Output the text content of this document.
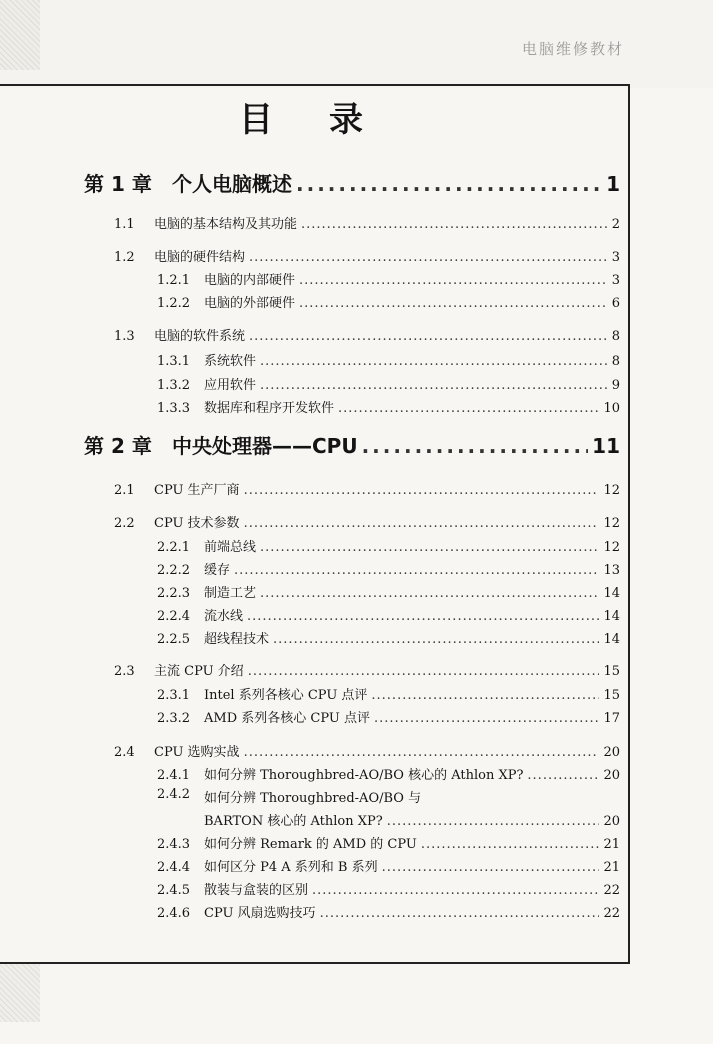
电脑维修教材
目录
第 1 章	个人电脑概述 .....	1
1.1	电脑的基本结构及其功能 .....	2
1.2	电脑的硬件结构 .....	3
1.2.1	电脑的内部硬件 .....	3
1.2.2	电脑的外部硬件 .....	6
1.3	电脑的软件系统 .....	8
1.3.1	系统软件 .....	8
1.3.2	应用软件 .....	9
1.3.3	数据库和程序开发软件 .....	10
第 2 章	中央处理器——CPU .....	11
2.1	CPU 生产厂商 .....	12
2.2	CPU 技术参数 .....	12
2.2.1	前端总线 .....	12
2.2.2	缓存 .....	13
2.2.3	制造工艺 .....	14
2.2.4	流水线 .....	14
2.2.5	超线程技术 .....	14
2.3	主流 CPU 介绍 .....	15
2.3.1	Intel 系列各核心 CPU 点评 .....	15
2.3.2	AMD 系列各核心 CPU 点评 .....	17
2.4	CPU 选购实战 .....	20
2.4.1	如何分辨 Thoroughbred-AO/BO 核心的 Athlon XP? .....	20
2.4.2 如何分辨 Thoroughbred-AO/BO 与
BARTON 核心的 Athlon XP? .....	20
2.4.3	如何分辨 Remark 的 AMD 的 CPU .....	21
2.4.4	如何区分 P4 A 系列和 B 系列 .....	21
2.4.5	散装与盒装的区别 .....	22
2.4.6	CPU 风扇选购技巧 .....	22
